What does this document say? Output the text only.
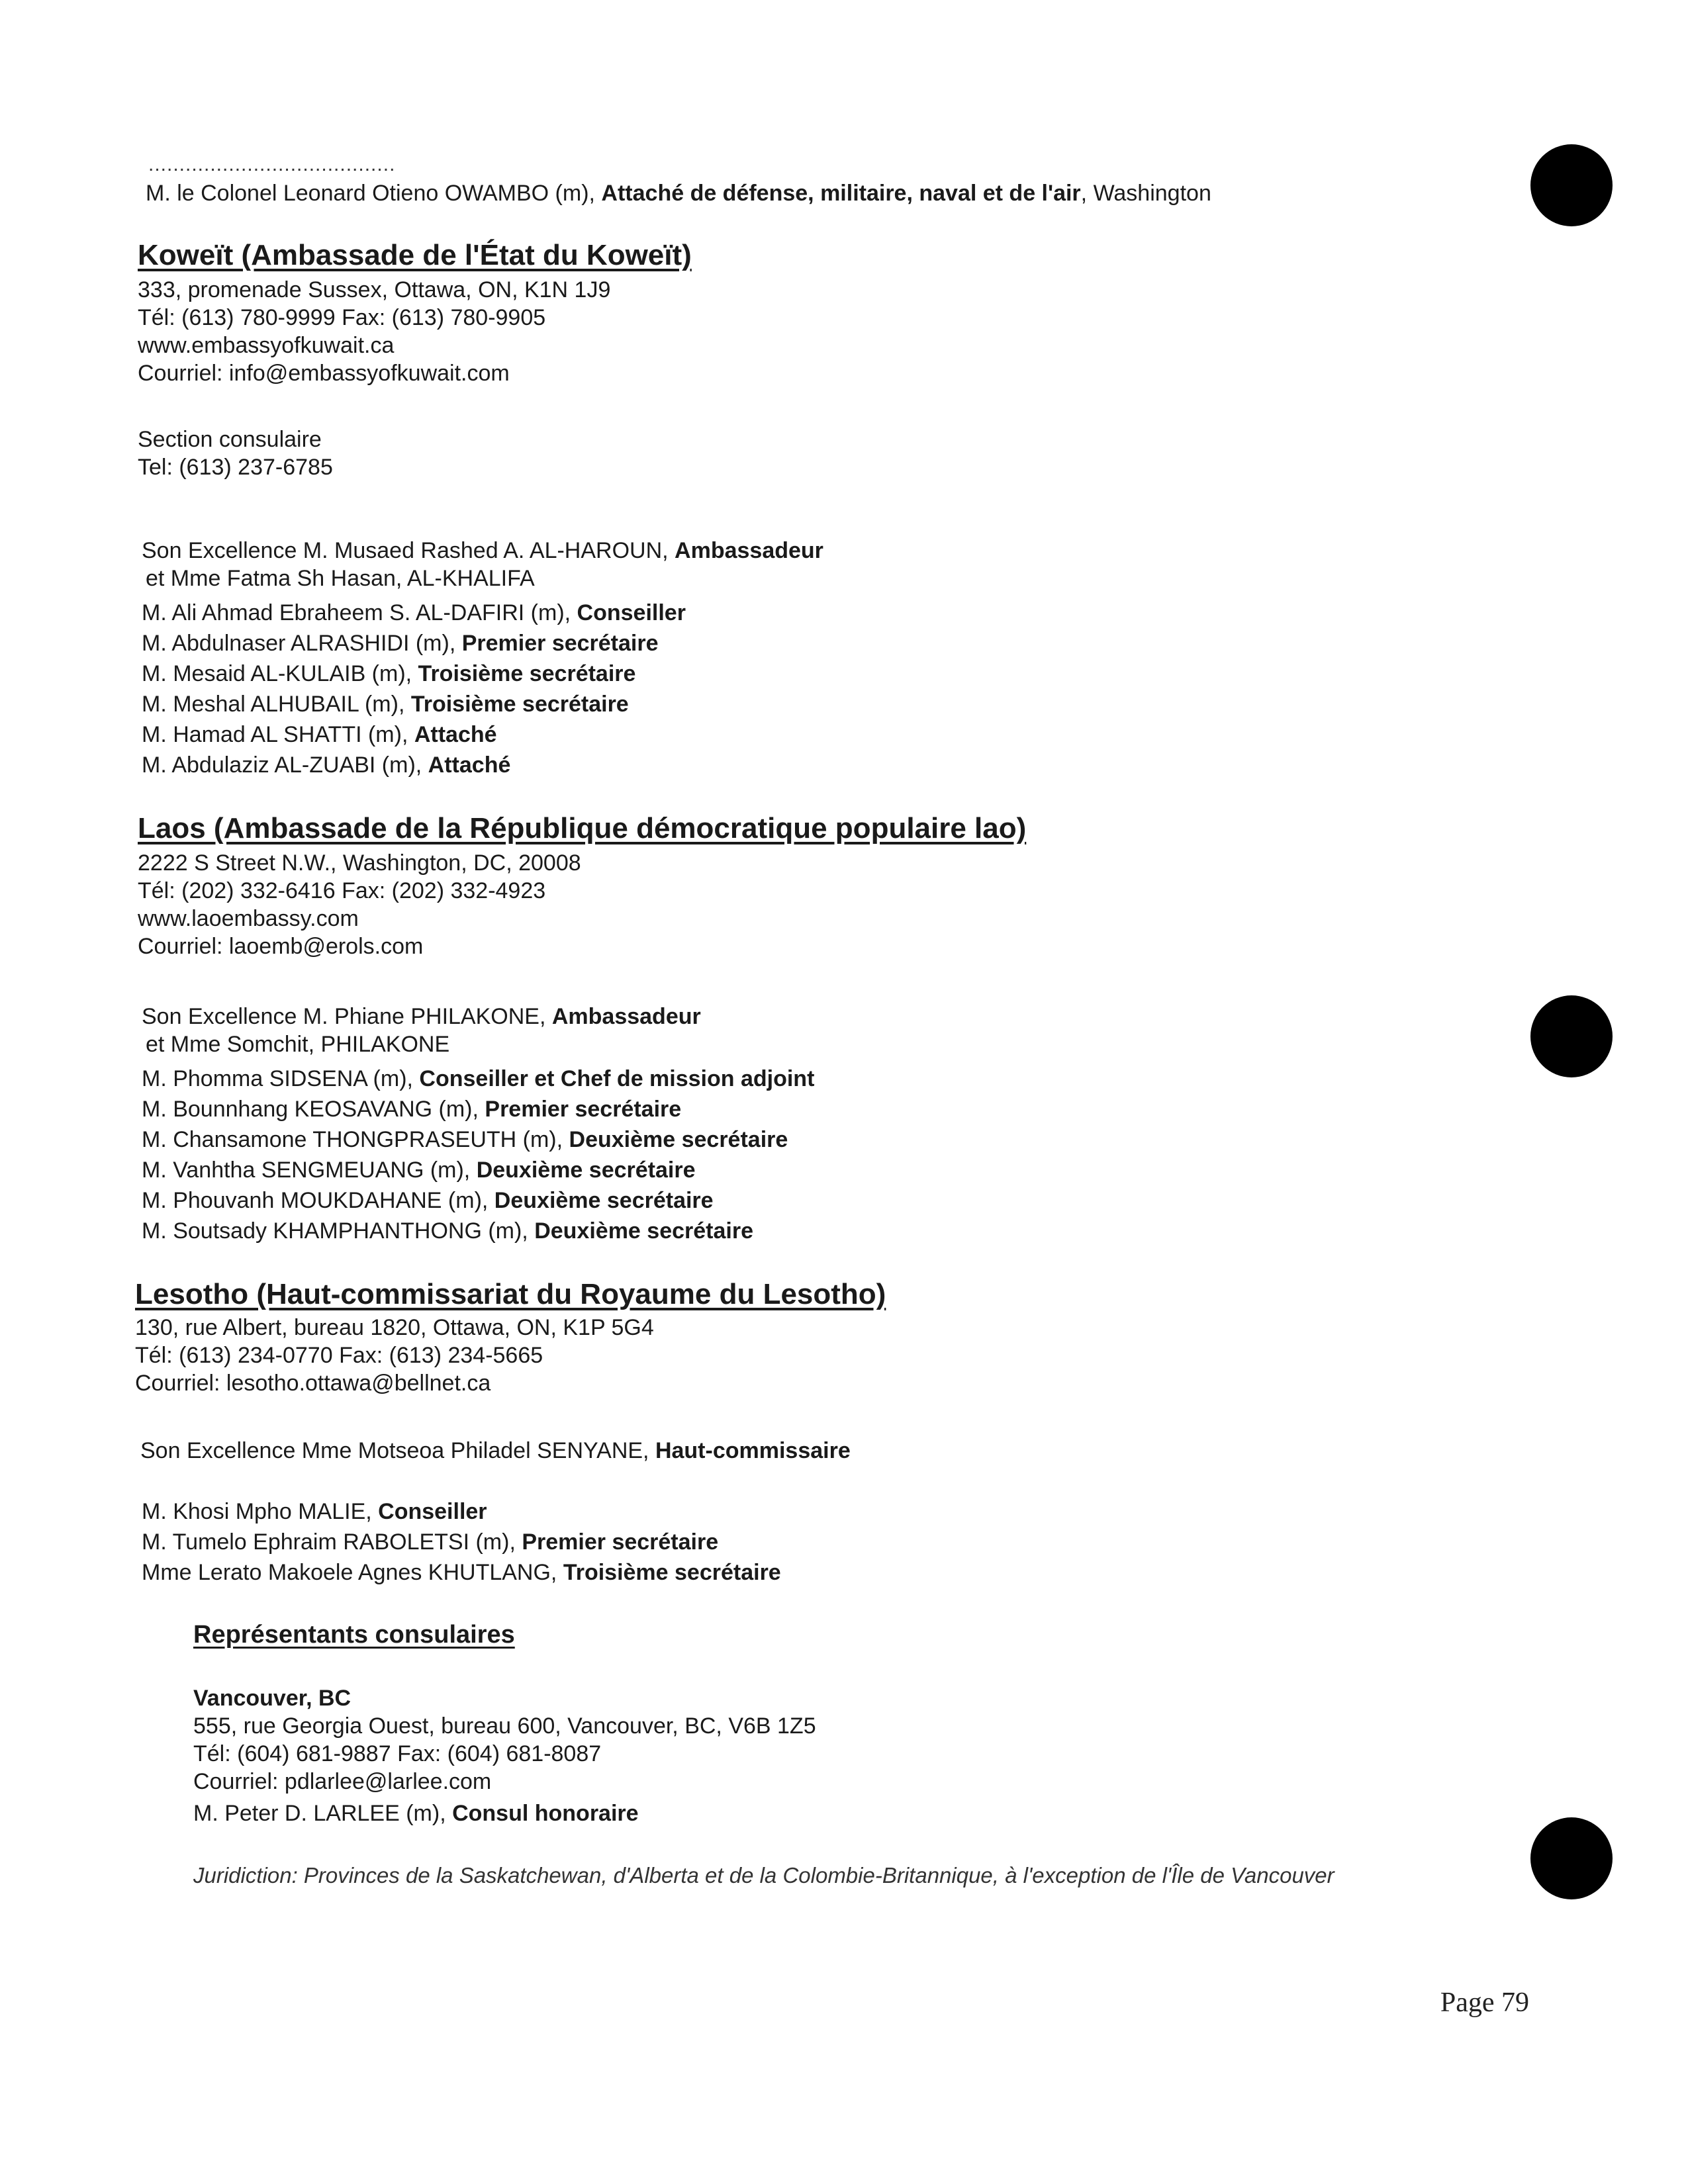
........................................
M. le Colonel Leonard Otieno OWAMBO (m), Attaché de défense, militaire, naval et de l'air, Washington
Koweït (Ambassade de l'État du Koweït)
333, promenade Sussex, Ottawa, ON, K1N 1J9
Tél: (613) 780-9999 Fax: (613) 780-9905
www.embassyofkuwait.ca
Courriel: info@embassyofkuwait.com
Section consulaire
Tel: (613) 237-6785
Son Excellence M. Musaed Rashed A. AL-HAROUN, Ambassadeur
et Mme Fatma Sh Hasan, AL-KHALIFA
M. Ali Ahmad Ebraheem S. AL-DAFIRI (m), Conseiller
M. Abdulnaser ALRASHIDI (m), Premier secrétaire
M. Mesaid AL-KULAIB (m), Troisième secrétaire
M. Meshal ALHUBAIL (m), Troisième secrétaire
M. Hamad AL SHATTI (m), Attaché
M. Abdulaziz AL-ZUABI (m), Attaché
Laos (Ambassade de la République démocratique populaire lao)
2222 S Street N.W., Washington, DC, 20008
Tél: (202) 332-6416 Fax: (202) 332-4923
www.laoembassy.com
Courriel: laoemb@erols.com
Son Excellence M. Phiane PHILAKONE, Ambassadeur
et Mme Somchit, PHILAKONE
M. Phomma SIDSENA (m), Conseiller et Chef de mission adjoint
M. Bounnhang KEOSAVANG (m), Premier secrétaire
M. Chansamone THONGPRASEUTH (m), Deuxième secrétaire
M. Vanhtha SENGMEUANG (m), Deuxième secrétaire
M. Phouvanh MOUKDAHANE (m), Deuxième secrétaire
M. Soutsady KHAMPHANTHONG (m), Deuxième secrétaire
Lesotho (Haut-commissariat du Royaume du Lesotho)
130, rue Albert, bureau 1820, Ottawa, ON, K1P 5G4
Tél: (613) 234-0770 Fax: (613) 234-5665
Courriel: lesotho.ottawa@bellnet.ca
Son Excellence Mme Motseoa Philadel SENYANE, Haut-commissaire
M. Khosi Mpho MALIE, Conseiller
M. Tumelo Ephraim RABOLETSI (m), Premier secrétaire
Mme Lerato Makoele Agnes KHUTLANG, Troisième secrétaire
Représentants consulaires
Vancouver, BC
555, rue Georgia Ouest, bureau 600, Vancouver, BC, V6B 1Z5
Tél: (604) 681-9887 Fax: (604) 681-8087
Courriel: pdlarlee@larlee.com
M. Peter D. LARLEE (m), Consul honoraire
Juridiction: Provinces de la Saskatchewan, d'Alberta et de la Colombie-Britannique, à l'exception de l'Île de Vancouver
Page 79
